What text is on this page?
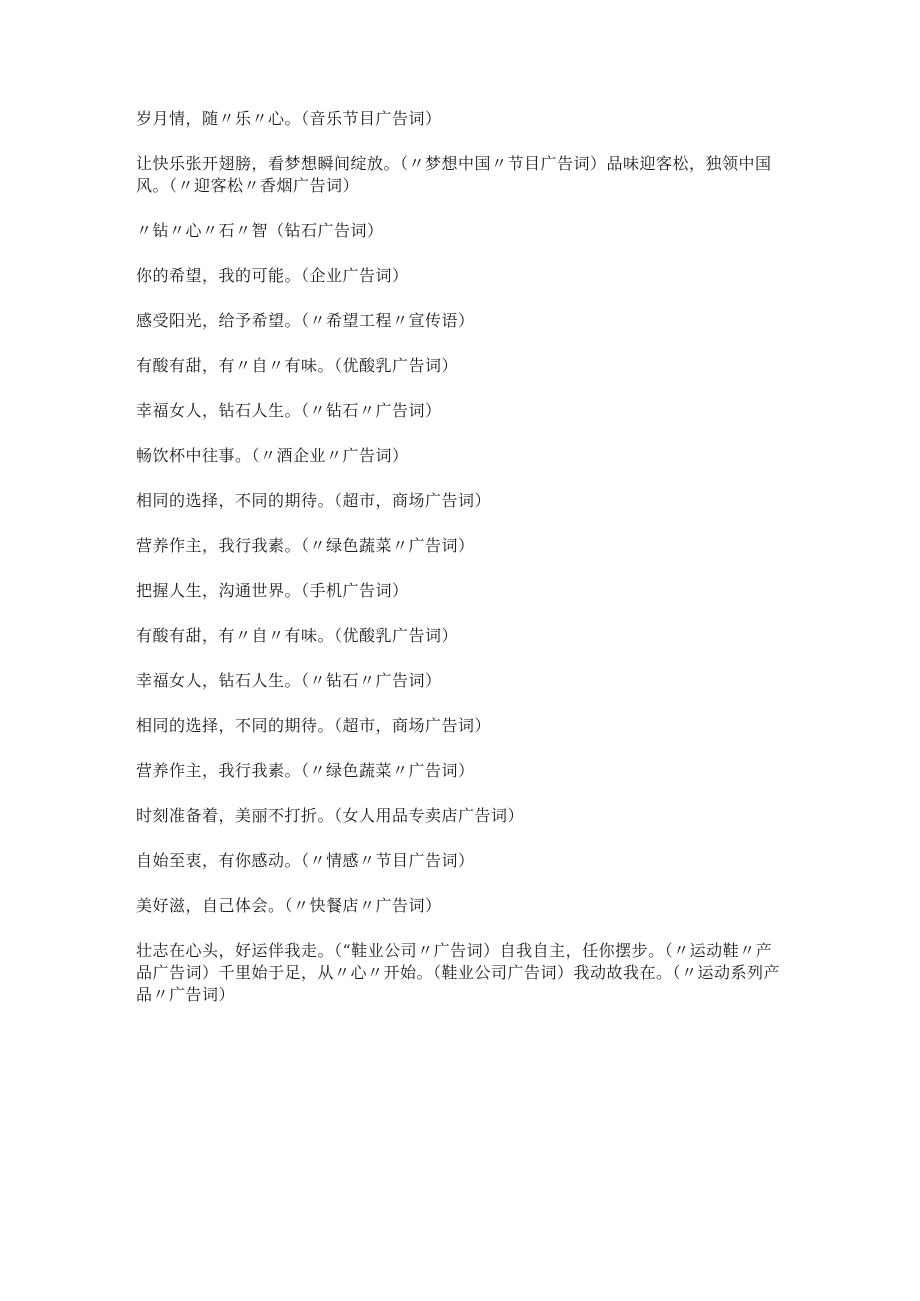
岁月情，随〃乐〃心。（音乐节目广告词）

让快乐张开翅膀，看梦想瞬间绽放。（〃梦想中国〃节目广告词）品味迎客松，独领中国风。（〃迎客松〃香烟广告词）

〃钻〃心〃石〃智（钻石广告词）

你的希望，我的可能。（企业广告词）

感受阳光，给予希望。（〃希望工程〃宣传语）

有酸有甜，有〃自〃有味。（优酸乳广告词）

幸福女人，钻石人生。（〃钻石〃广告词）

畅饮杯中往事。（〃酒企业〃广告词）

相同的选择，不同的期待。（超市，商场广告词）

营养作主，我行我素。（〃绿色蔬菜〃广告词）

把握人生，沟通世界。（手机广告词）

有酸有甜，有〃自〃有味。（优酸乳广告词）

幸福女人，钻石人生。（〃钻石〃广告词）

相同的选择，不同的期待。（超市，商场广告词）

营养作主，我行我素。（〃绿色蔬菜〃广告词）

时刻准备着，美丽不打折。（女人用品专卖店广告词）

自始至衷，有你感动。（〃情感〃节目广告词）

美好滋，自己体会。（〃快餐店〃广告词）

壮志在心头，好运伴我走。（“鞋业公司〃广告词）自我自主，任你摆步。（〃运动鞋〃产品广告词）千里始于足，从〃心〃开始。（鞋业公司广告词）我动故我在。（〃运动系列产品〃广告词）
